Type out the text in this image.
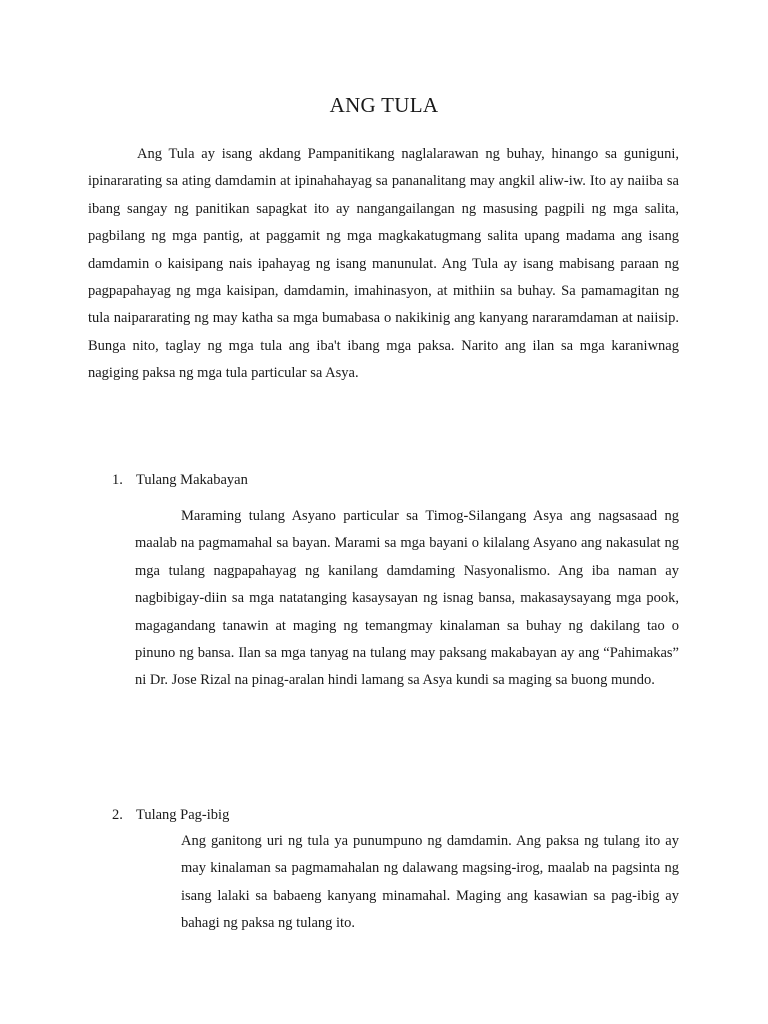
ANG TULA

Ang Tula ay isang akdang Pampanitikang naglalarawan ng buhay, hinango sa guniguni, ipinararating sa ating damdamin at ipinahahayag sa pananalitang may angkil aliw-iw. Ito ay naiiba sa ibang sangay ng panitikan sapagkat ito ay nangangailangan ng masusing pagpili ng mga salita, pagbilang ng mga pantig, at paggamit ng mga magkakatugmang salita upang madama ang isang damdamin o kaisipang nais ipahayag ng isang manunulat. Ang Tula ay isang mabisang paraan ng pagpapahayag ng mga kaisipan, damdamin, imahinasyon, at mithiin sa buhay. Sa pamamagitan ng tula naipararating ng may katha sa mga bumabasa o nakikinig ang kanyang nararamdaman at naiisip. Bunga nito, taglay ng mga tula ang iba't ibang mga paksa. Narito ang ilan sa mga karaniwnag nagiging paksa ng mga tula particular sa Asya.

1. Tulang Makabayan

Maraming tulang Asyano particular sa Timog-Silangang Asya ang nagsasaad ng maalab na pagmamahal sa bayan. Marami sa mga bayani o kilalang Asyano ang nakasulat ng mga tulang nagpapahayag ng kanilang damdaming Nasyonalismo. Ang iba naman ay nagbibigay-diin sa mga natatanging kasaysayan ng isnag bansa, makasaysayang mga pook, magagandang tanawin at maging ng temangmay kinalaman sa buhay ng dakilang tao o pinuno ng bansa. Ilan sa mga tanyag na tulang may paksang makabayan ay ang “Pahimakas” ni Dr. Jose Rizal na pinag-aralan hindi lamang sa Asya kundi sa maging sa buong mundo.

2. Tulang Pag-ibig

Ang ganitong uri ng tula ya punumpuno ng damdamin. Ang paksa ng tulang ito ay may kinalaman sa pagmamahalan ng dalawang magsing-irog, maalab na pagsinta ng isang lalaki sa babaeng kanyang minamahal. Maging ang kasawian sa pag-ibig ay bahagi ng paksa ng tulang ito.
